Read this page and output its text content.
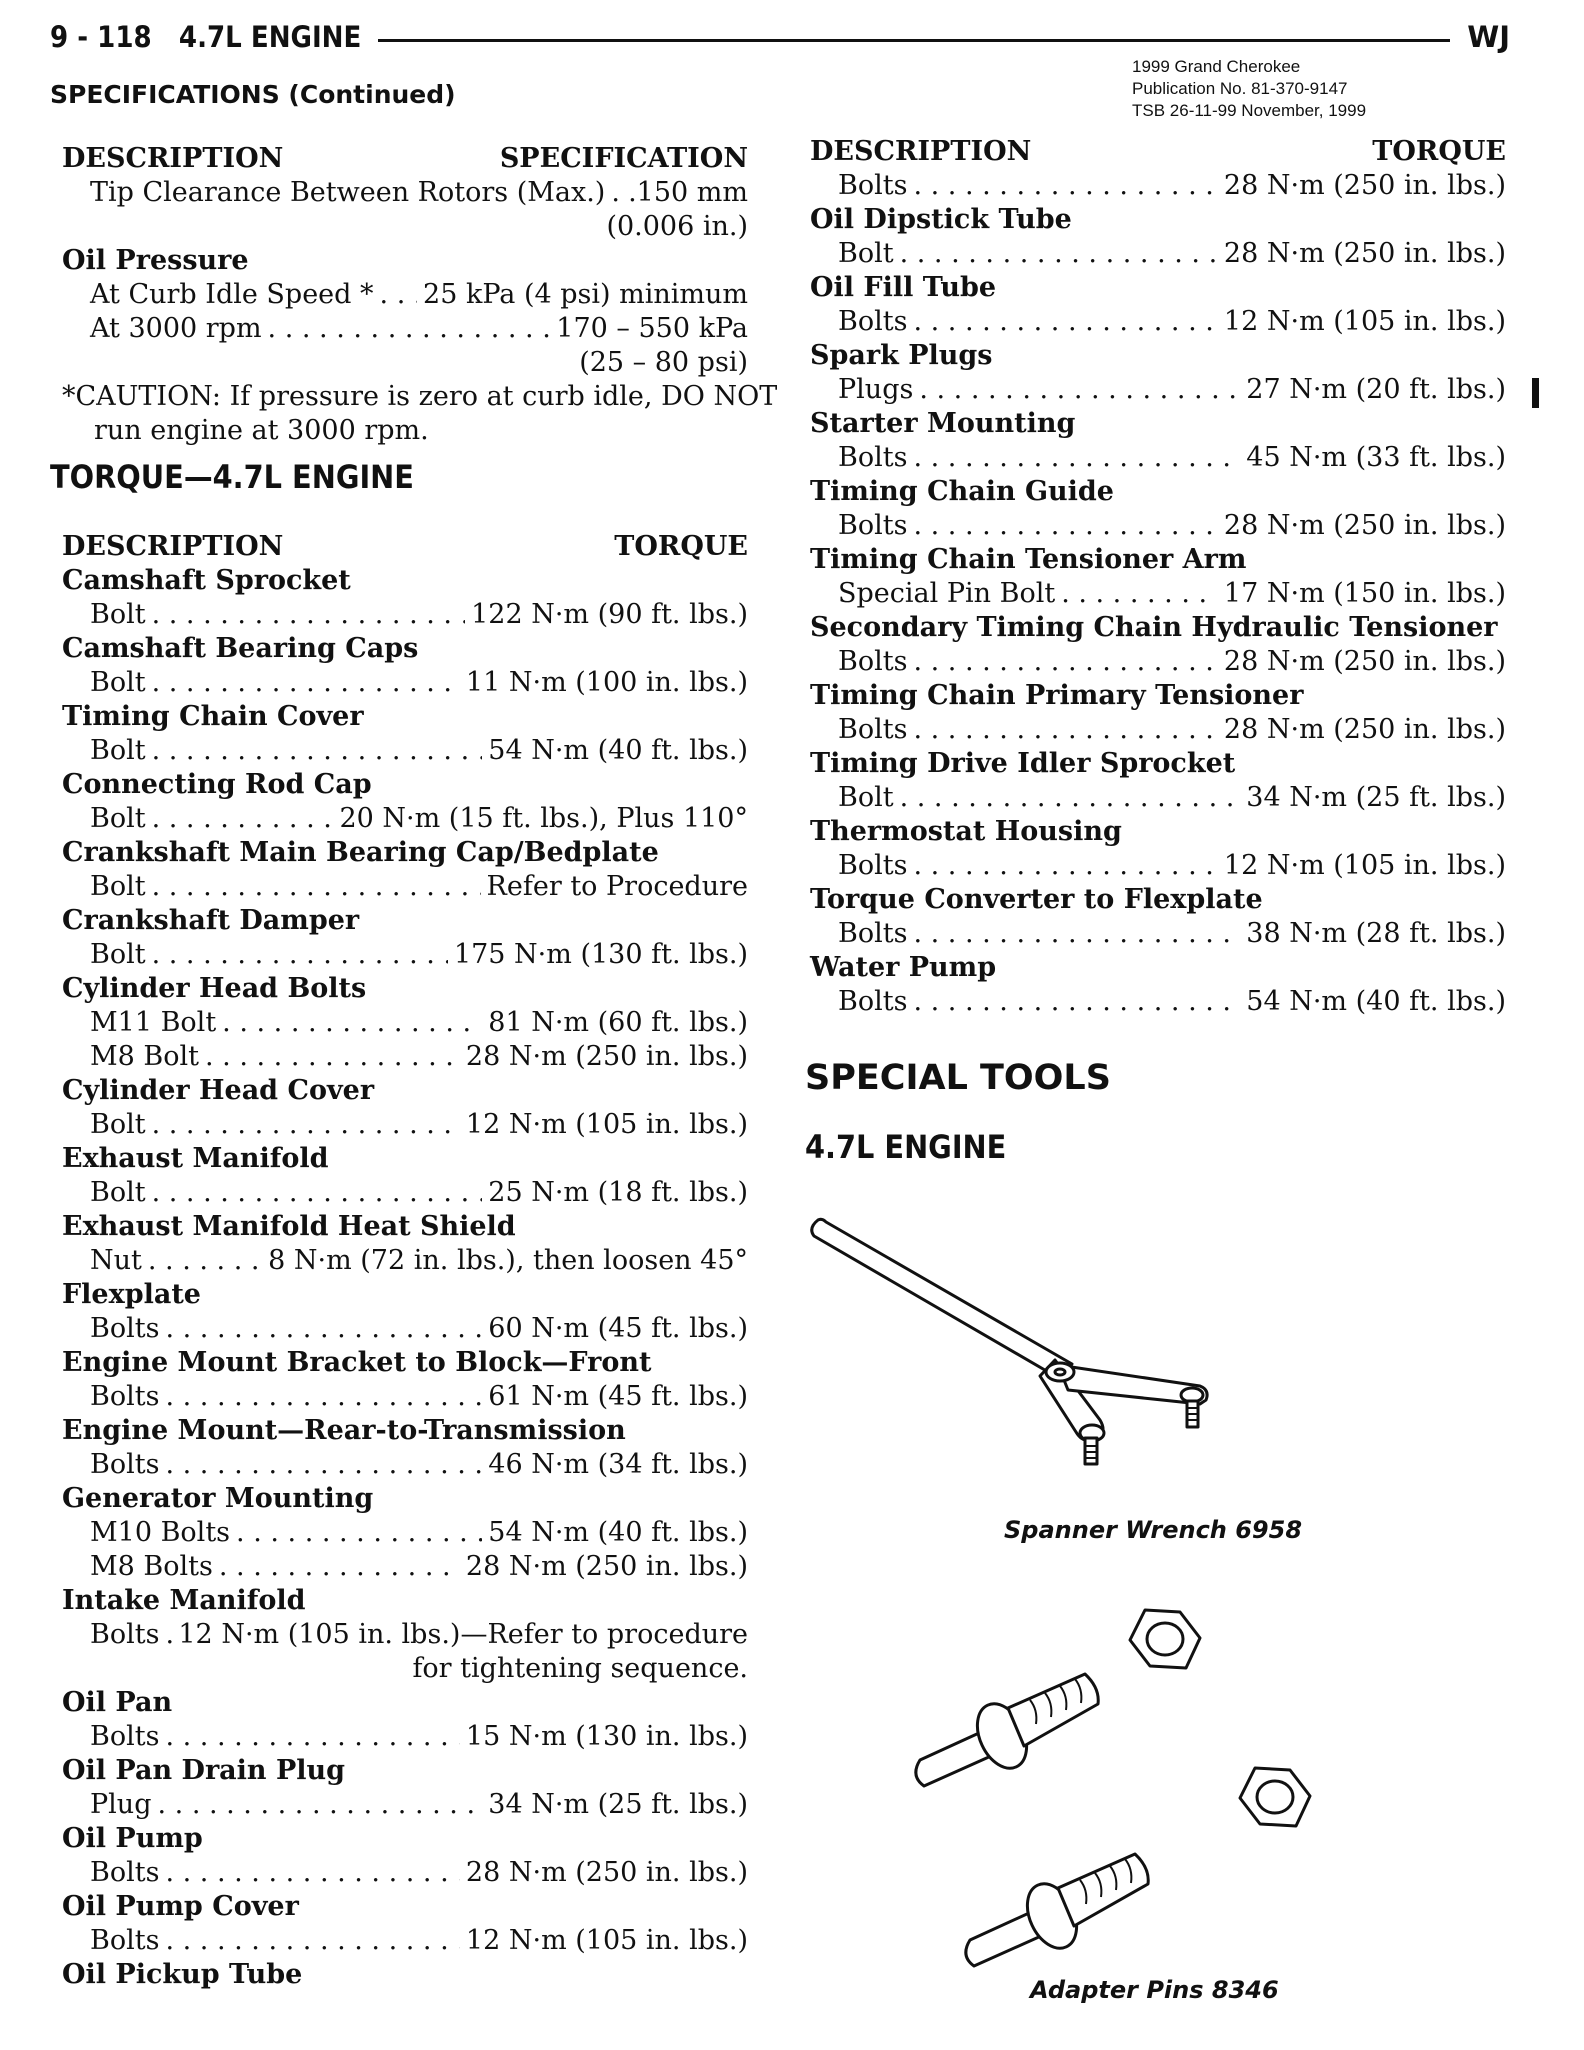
9 - 118 4.7L ENGINE	WJ
1999 Grand Cherokee
Publication No. 81-370-9147
TSB 26-11-99 November, 1999
SPECIFICATIONS (Continued)
DESCRIPTION	SPECIFICATION
Tip Clearance Between Rotors (Max.) . . . .150 mm
(0.006 in.)
Oil Pressure
At Curb Idle Speed * . . . 25 kPa (4 psi) minimum
At 3000 rpm . . .	170 – 550 kPa
(25 – 80 psi)
*CAUTION: If pressure is zero at curb idle, DO NOT
run engine at 3000 rpm.
TORQUE—4.7L ENGINE
DESCRIPTION	TORQUE
Camshaft Sprocket
Bolt . . .	122 N·m (90 ft. lbs.)
Camshaft Bearing Caps
Bolt . . .	11 N·m (100 in. lbs.)
Timing Chain Cover
Bolt . . .	54 N·m (40 ft. lbs.)
Connecting Rod Cap
Bolt . . .	20 N·m (15 ft. lbs.), Plus 110°
Crankshaft Main Bearing Cap/Bedplate
Bolt . . .	Refer to Procedure
Crankshaft Damper
Bolt . . .	175 N·m (130 ft. lbs.)
Cylinder Head Bolts
M11 Bolt . . .	81 N·m (60 ft. lbs.)
M8 Bolt . . .	28 N·m (250 in. lbs.)
Cylinder Head Cover
Bolt . . .	12 N·m (105 in. lbs.)
Exhaust Manifold
Bolt . . .	25 N·m (18 ft. lbs.)
Exhaust Manifold Heat Shield
Nut . . .	8 N·m (72 in. lbs.), then loosen 45°
Flexplate
Bolts . . .	60 N·m (45 ft. lbs.)
Engine Mount Bracket to Block—Front
Bolts . . .	61 N·m (45 ft. lbs.)
Engine Mount—Rear-to-Transmission
Bolts . . .	46 N·m (34 ft. lbs.)
Generator Mounting
M10 Bolts . . .	54 N·m (40 ft. lbs.)
M8 Bolts . . .	28 N·m (250 in. lbs.)
Intake Manifold
Bolts . . . 12 N·m (105 in. lbs.)—Refer to procedure
for tightening sequence.
Oil Pan
Bolts . . .	15 N·m (130 in. lbs.)
Oil Pan Drain Plug
Plug . . .	34 N·m (25 ft. lbs.)
Oil Pump
Bolts . . .	28 N·m (250 in. lbs.)
Oil Pump Cover
Bolts . . .	12 N·m (105 in. lbs.)
Oil Pickup Tube
DESCRIPTION	TORQUE
Bolts . . .	28 N·m (250 in. lbs.)
Oil Dipstick Tube
Bolt . . .	28 N·m (250 in. lbs.)
Oil Fill Tube
Bolts . . .	12 N·m (105 in. lbs.)
Spark Plugs
Plugs . . .	27 N·m (20 ft. lbs.)
Starter Mounting
Bolts . . .	45 N·m (33 ft. lbs.)
Timing Chain Guide
Bolts . . .	28 N·m (250 in. lbs.)
Timing Chain Tensioner Arm
Special Pin Bolt . . .	17 N·m (150 in. lbs.)
Secondary Timing Chain Hydraulic Tensioner
Bolts . . .	28 N·m (250 in. lbs.)
Timing Chain Primary Tensioner
Bolts . . .	28 N·m (250 in. lbs.)
Timing Drive Idler Sprocket
Bolt . . .	34 N·m (25 ft. lbs.)
Thermostat Housing
Bolts . . .	12 N·m (105 in. lbs.)
Torque Converter to Flexplate
Bolts . . .	38 N·m (28 ft. lbs.)
Water Pump
Bolts . . .	54 N·m (40 ft. lbs.)
SPECIAL TOOLS
4.7L ENGINE
Spanner Wrench 6958
Adapter Pins 8346
